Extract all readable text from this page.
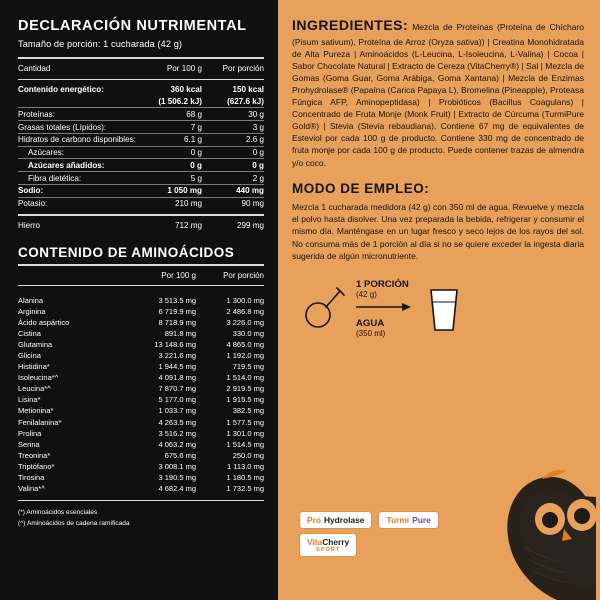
DECLARACIÓN NUTRIMENTAL
Tamaño de porción: 1 cucharada (42 g)
Cantidad	Por 100 g	Por porción

Contenido energético:	360 kcal	150 kcal
	(1 506.2 kJ)	(627.6 kJ)
Proteínas:	68 g	30 g
Grasas totales (Lípidos):	7 g	3 g
Hidratos de carbono disponibles:	6.1 g	2.6 g
Azúcares:	0 g	0 g
Azúcares añadidos:	0 g	0 g
Fibra dietética:	5 g	2 g
Sodio:	1 050 mg	440 mg
Potasio:	210 mg	90 mg

Hierro	712 mg	299 mg
CONTENIDO DE AMINOÁCIDOS
	Por 100 g	Por porción

Alanina	3 513.5 mg	1 300.0 mg
Arginina	6 719.9 mg	2 486.8 mg
Ácido aspártico	8 718.9 mg	3 226.0 mg
Cistina	891.8 mg	330.0 mg
Glutamina	13 148.6 mg	4 865.0 mg
Glicina	3 221.6 mg	1 192.0 mg
Histidina*	1 944.5 mg	719.5 mg
Isoleucina*^	4 091.8 mg	1 514.0 mg
Leucina*^	7 870.7 mg	2 919.5 mg
Lisina*	5 177.0 mg	1 915.5 mg
Metionina*	1 033.7 mg	382.5 mg
Fenilalanina*	4 263.5 mg	1 577.5 mg
Prolina	3 516.2 mg	1 301.0 mg
Serina	4 063.2 mg	1 514.5 mg
Treonina*	675.6 mg	250.0 mg
Triptófano*	3 008.1 mg	1 113.0 mg
Tirosina	3 190.5 mg	1 180.5 mg
Valina*^	4 682.4 mg	1 732.5 mg
(*) Aminoácidos esenciales
(^) Aminoácidos de cadena ramificada

INGREDIENTES: Mezcla de Proteínas (Proteína de Chícharo (Pisum sativum), Proteína de Arroz (Oryza sativa)) | Creatina Monohidratada de Alta Pureza | Aminoácidos (L-Leucina, L-Isoleucina, L-Valina) | Cocoa | Sabor Chocolate Natural | Extracto de Cereza (VitaCherry®) | Sal | Mezcla de Gomas (Goma Guar, Goma Arábiga, Goma Xantana) | Mezcla de Enzimas Prohydrolase® (Papaína (Carica Papaya L), Bromelina (Pineapple), Proteasa Fúngica AFP, Aminopeptidasa) | Probióticos (Bacillus Coagulans) | Concentrado de Fruta Monje (Monk Fruit) | Extracto de Cúrcuma (TurmiPure Gold®) | Stevia (Stevia rebaudiana). Contiene 67 mg de equivalentes de Esteviol por cada 100 g de producto. Contiene 330 mg de concentrado de fruta monje por cada 100 g de producto. Puede contener trazas de almendra y/o coco.

MODO DE EMPLEO:

Mezcla 1 cucharada medidora (42 g) con 350 ml de agua. Revuelve y mezcla el polvo hasta disolver. Una vez preparada la bebida, refrigerar y consumir el mismo día. Manténgase en un lugar fresco y seco lejos de los rayos del sol. No consuma más de 1 porción al día si no se quiere exceder la ingesta diaria sugerida de algún micronutriente.

1 PORCIÓN
(42 g)
AGUA
(350 ml)
Pro Hydrolase	Turmi Pure
VitaCherry
SPORT
